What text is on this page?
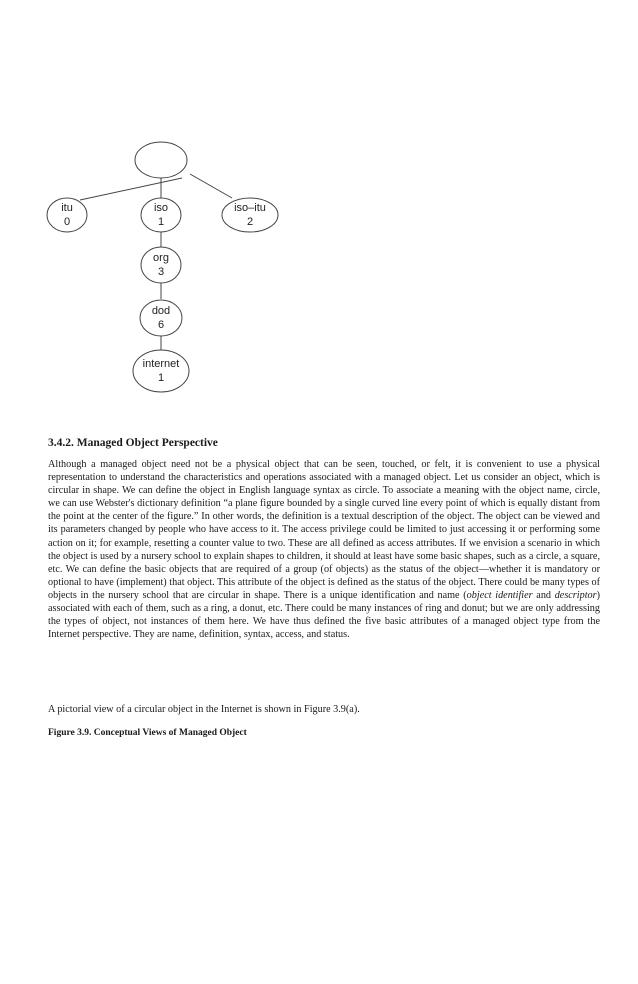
itu
0
iso
1
iso–itu
2
org
3
dod
6
internet
1
3.4.2. Managed Object Perspective

Although a managed object need not be a physical object that can be seen, touched, or felt, it is convenient to use a physical representation to understand the characteristics and operations associated with a managed object. Let us consider an object, which is circular in shape. We can define the object in English language syntax as circle. To associate a meaning with the object name, circle, we can use Webster's dictionary definition “a plane figure bounded by a single curved line every point of which is equally distant from the point at the center of the figure.” In other words, the definition is a textual description of the object. The object can be viewed and its parameters changed by people who have access to it. The access privilege could be limited to just accessing it or performing some action on it; for example, resetting a counter value to two. These are all defined as access attributes. If we envision a scenario in which the object is used by a nursery school to explain shapes to children, it should at least have some basic shapes, such as a circle, a square, etc. We can define the basic objects that are required of a group (of objects) as the status of the object—whether it is mandatory or optional to have (implement) that object. This attribute of the object is defined as the status of the object. There could be many types of objects in the nursery school that are circular in shape. There is a unique identification and name (object identifier and descriptor) associated with each of them, such as a ring, a donut, etc. There could be many instances of ring and donut; but we are only addressing the types of object, not instances of them here. We have thus defined the five basic attributes of a managed object type from the Internet perspective. They are name, definition, syntax, access, and status.

A pictorial view of a circular object in the Internet is shown in Figure 3.9(a).

Figure 3.9. Conceptual Views of Managed Object
